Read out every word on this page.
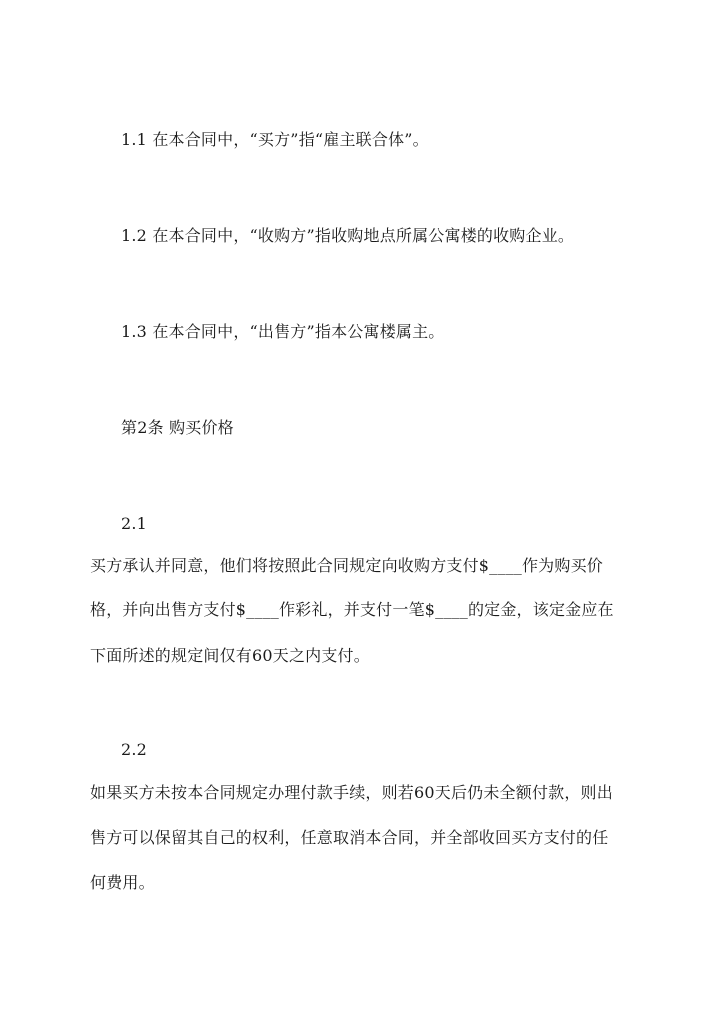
1.1 在本合同中，“买方”指“雇主联合体”。
1.2 在本合同中，“收购方”指收购地点所属公寓楼的收购企业。
1.3 在本合同中，“出售方”指本公寓楼属主。
第2条 购买价格
2.1
买方承认并同意，他们将按照此合同规定向收购方支付$____作为购买价
格，并向出售方支付$____作彩礼，并支付一笔$____的定金，该定金应在
下面所述的规定间仅有60天之内支付。
2.2
如果买方未按本合同规定办理付款手续，则若60天后仍未全额付款，则出
售方可以保留其自己的权利，任意取消本合同，并全部收回买方支付的任
何费用。
